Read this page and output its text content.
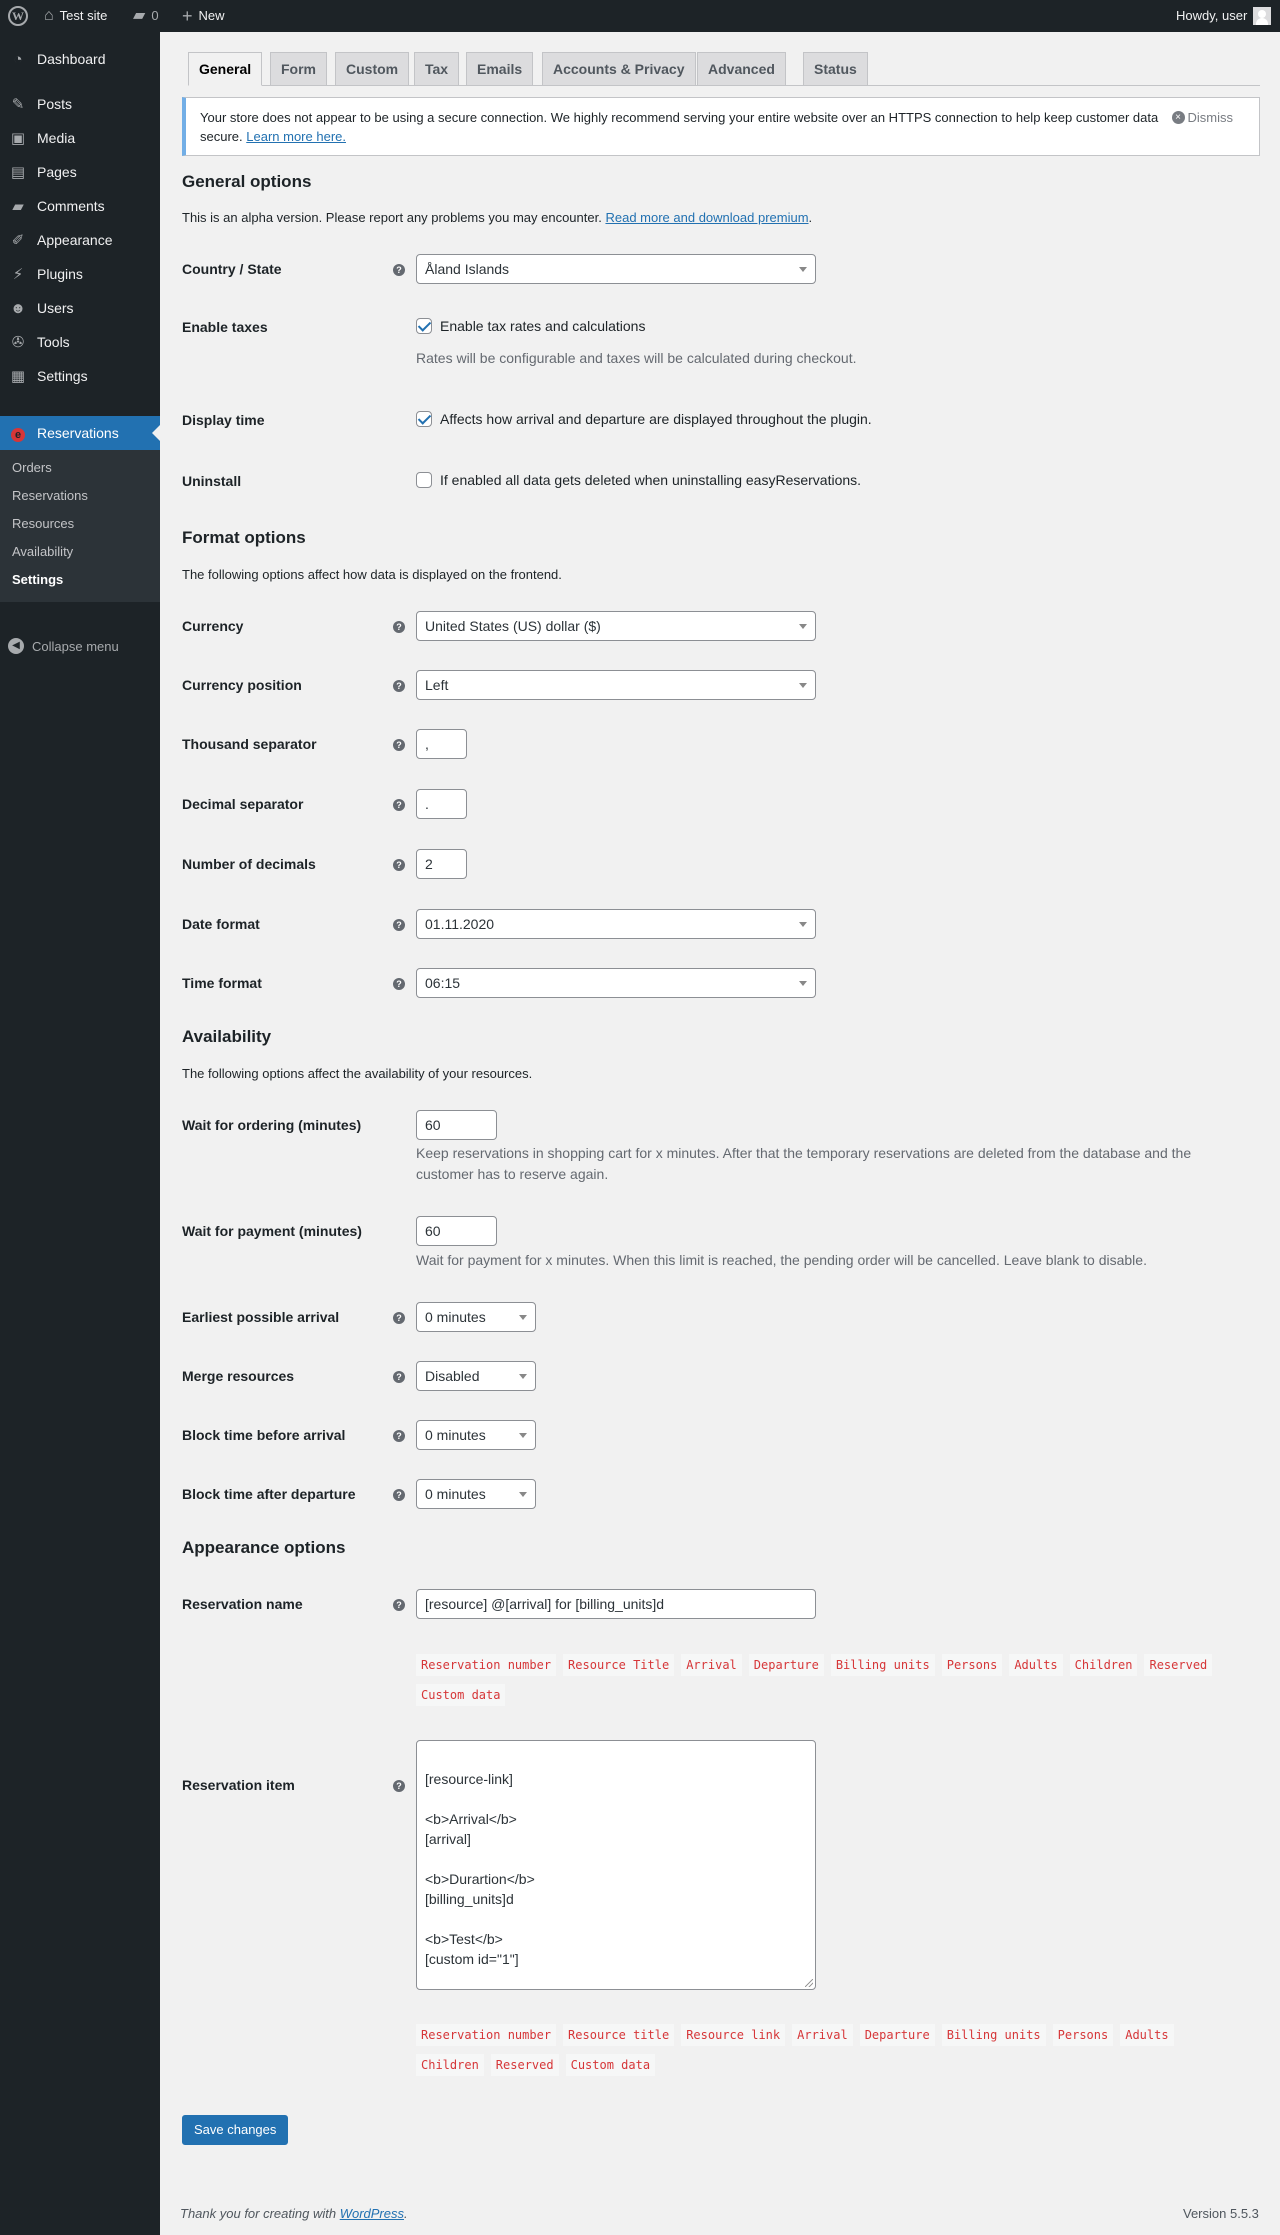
W ⌂ Test site ▰ 0 + New	Howdy, user
◔	Dashboard
✎ Posts
▣ Media
▤ Pages
▰ Comments
✐ Appearance
⚡ Plugins
☻ Users
✇ Tools
▦ Settings
e	Reservations
Orders
Reservations
Resources
Availability
Settings
◀ Collapse menu
General	Form	Custom	Tax	Emails	Accounts & Privacy	Advanced	Status
Your store does not appear to be using a secure connection. We highly recommend serving your entire website over an HTTPS connection to help keep customer data secure. Learn more here.
× Dismiss
General options
This is an alpha version. Please report any problems you may encounter. Read more and download premium.
Country / State	?	Åland Islands
Enable taxes	Enable tax rates and calculations
Rates will be configurable and taxes will be calculated during checkout.
Display time	Affects how arrival and departure are displayed throughout the plugin.
Uninstall	If enabled all data gets deleted when uninstalling easyReservations.
Format options
The following options affect how data is displayed on the frontend.
Currency	?	United States (US) dollar ($)
Currency position	?	Left
Thousand separator	?	,
Decimal separator	?	.
Number of decimals	?	2
Date format	?	01.11.2020
Time format	?	06:15
Availability
The following options affect the availability of your resources.
Wait for ordering (minutes)	60
Keep reservations in shopping cart for x minutes. After that the temporary reservations are deleted from the database and the customer has to reserve again.
Wait for payment (minutes)	60
Wait for payment for x minutes. When this limit is reached, the pending order will be cancelled. Leave blank to disable.
Earliest possible arrival	?	0 minutes
Merge resources	?	Disabled
Block time before arrival	?	0 minutes
Block time after departure	?	0 minutes
Appearance options
Reservation name	?	[resource] @[arrival] for [billing_units]d
Reservation number	Resource Title	Arrival	Departure	Billing units	Persons	Adults	Children	Reserved
Custom data
Reservation item	?	[resource-link]

<b>Arrival</b>
[arrival]

<b>Durartion</b>
[billing_units]d

<b>Test</b>
[custom id="1"]

Reservation number	Resource title	Resource link	Arrival	Departure	Billing units	Persons	Adults
Children	Reserved	Custom data
Save changes
Thank you for creating with WordPress.	Version 5.5.3
